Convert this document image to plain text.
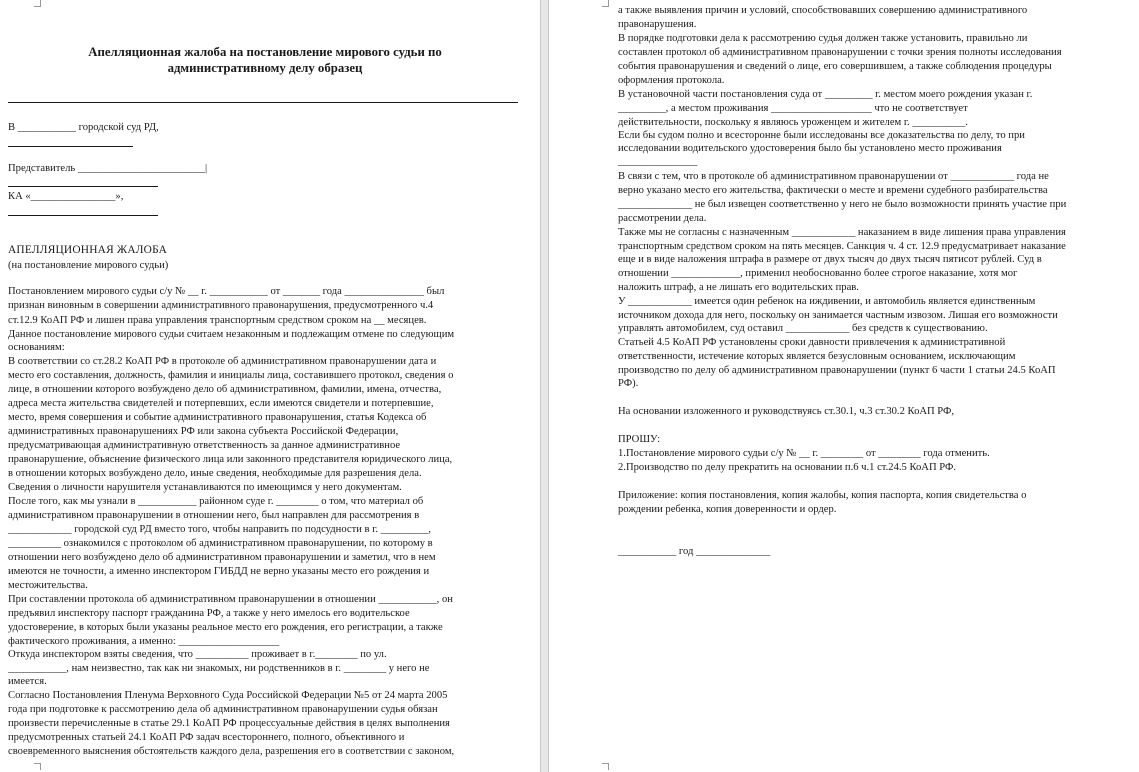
Апелляционная жалоба на постановление мирового судьи по
административному делу образец
В ___________ городской суд РД,
Представитель ________________________|
КА «________________»,
АПЕЛЛЯЦИОННАЯ ЖАЛОБА
(на постановление мирового судьи)
Постановлением мирового судьи с/у № __ г. ___________ от _______ года _______________ был
признан виновным в совершении административного правонарушения, предусмотренного ч.4
ст.12.9 КоАП РФ и лишен права управления транспортным средством сроком на __ месяцев.
Данное постановление мирового судьи считаем незаконным и подлежащим отмене по следующим
основаниям:
В соответствии со ст.28.2 КоАП РФ в протоколе об административном правонарушении дата и
место его составления, должность, фамилия и инициалы лица, составившего протокол, сведения о
лице, в отношении которого возбуждено дело об административном, фамилии, имена, отчества,
адреса места жительства свидетелей и потерпевших, если имеются свидетели и потерпевшие,
место, время совершения и событие административного правонарушения, статья Кодекса об
административных правонарушениях РФ или закона субъекта Российской Федерации,
предусматривающая административную ответственность за данное административное
правонарушение, объяснение физического лица или законного представителя юридического лица,
в отношении которых возбуждено дело, иные сведения, необходимые для разрешения дела.
Сведения о личности нарушителя устанавливаются по имеющимся у него документам.
После того, как мы узнали в ___________ районном суде г. ________ о том, что материал об
административном правонарушении в отношении него, был направлен для рассмотрения в
____________ городской суд РД вместо того, чтобы направить по подсудности в г. _________,
__________ ознакомился с протоколом об административном правонарушении, по которому в
отношении него возбуждено дело об административном правонарушении и заметил, что в нем
имеются не точности, а именно инспектором ГИБДД не верно указаны место его рождения и
местожительства.
При составлении протокола об административном правонарушении в отношении ___________, он
предъявил инспектору паспорт гражданина РФ, а также у него имелось его водительское
удостоверение, в которых были указаны реальное место его рождения, его регистрации, а также
фактического проживания, а именно: ___________________
Откуда инспектором взяты сведения, что __________ проживает в г.________ по ул.
___________, нам неизвестно, так как ни знакомых, ни родственников в г. ________ у него не
имеется.
Согласно Постановления Пленума Верховного Суда Российской Федерации №5 от 24 марта 2005
года при подготовке к рассмотрению дела об административном правонарушении судья обязан
произвести перечисленные в статье 29.1 КоАП РФ процессуальные действия в целях выполнения
предусмотренных статьей 24.1 КоАП РФ задач всестороннего, полного, объективного и
своевременного выяснения обстоятельств каждого дела, разрешения его в соответствии с законом,
а также выявления причин и условий, способствовавших совершению административного
правонарушения.
В порядке подготовки дела к рассмотрению судья должен также установить, правильно ли
составлен протокол об административном правонарушении с точки зрения полноты исследования
события правонарушения и сведений о лице, его совершившем, а также соблюдения процедуры
оформления протокола.
В установочной части постановления суда от _________ г. местом моего рождения указан г.
_________, а местом проживания ___________________ что не соответствует
действительности, поскольку я являюсь уроженцем и жителем г. __________.
Если бы судом полно и всесторонне были исследованы все доказательства по делу, то при
исследовании водительского удостоверения было бы установлено место проживания
_______________
В связи с тем, что в протоколе об административном правонарушении от ____________ года не
верно указано место его жительства, фактически о месте и времени судебного разбирательства
______________ не был извещен соответственно у него не было возможности принять участие при
рассмотрении дела.
Также мы не согласны с назначенным ____________ наказанием в виде лишения права управления
транспортным средством сроком на пять месяцев. Санкция ч. 4 ст. 12.9 предусматривает наказание
еще и в виде наложения штрафа в размере от двух тысяч до двух тысяч пятисот рублей. Суд в
отношении _____________, применил необоснованно более строгое наказание, хотя мог
наложить штраф, а не лишать его водительских прав.
У ____________ имеется один ребенок на иждивении, и автомобиль является единственным
источником дохода для него, поскольку он занимается частным извозом. Лишая его возможности
управлять автомобилем, суд оставил ____________ без средств к существованию.
Статьей 4.5 КоАП РФ установлены сроки давности привлечения к административной
ответственности, истечение которых является безусловным основанием, исключающим
производство по делу об административном правонарушении (пункт 6 части 1 статьи 24.5 КоАП
РФ).
На основании изложенного и руководствуясь ст.30.1, ч.3 ст.30.2 КоАП РФ,
ПРОШУ:
1.Постановление мирового судьи с/у № __ г. ________ от ________ года отменить.
2.Производство по делу прекратить на основании п.6 ч.1 ст.24.5 КоАП РФ.
Приложение: копия постановления, копия жалобы, копия паспорта, копия свидетельства о
рождении ребенка, копия доверенности и ордер.
___________ год ______________
